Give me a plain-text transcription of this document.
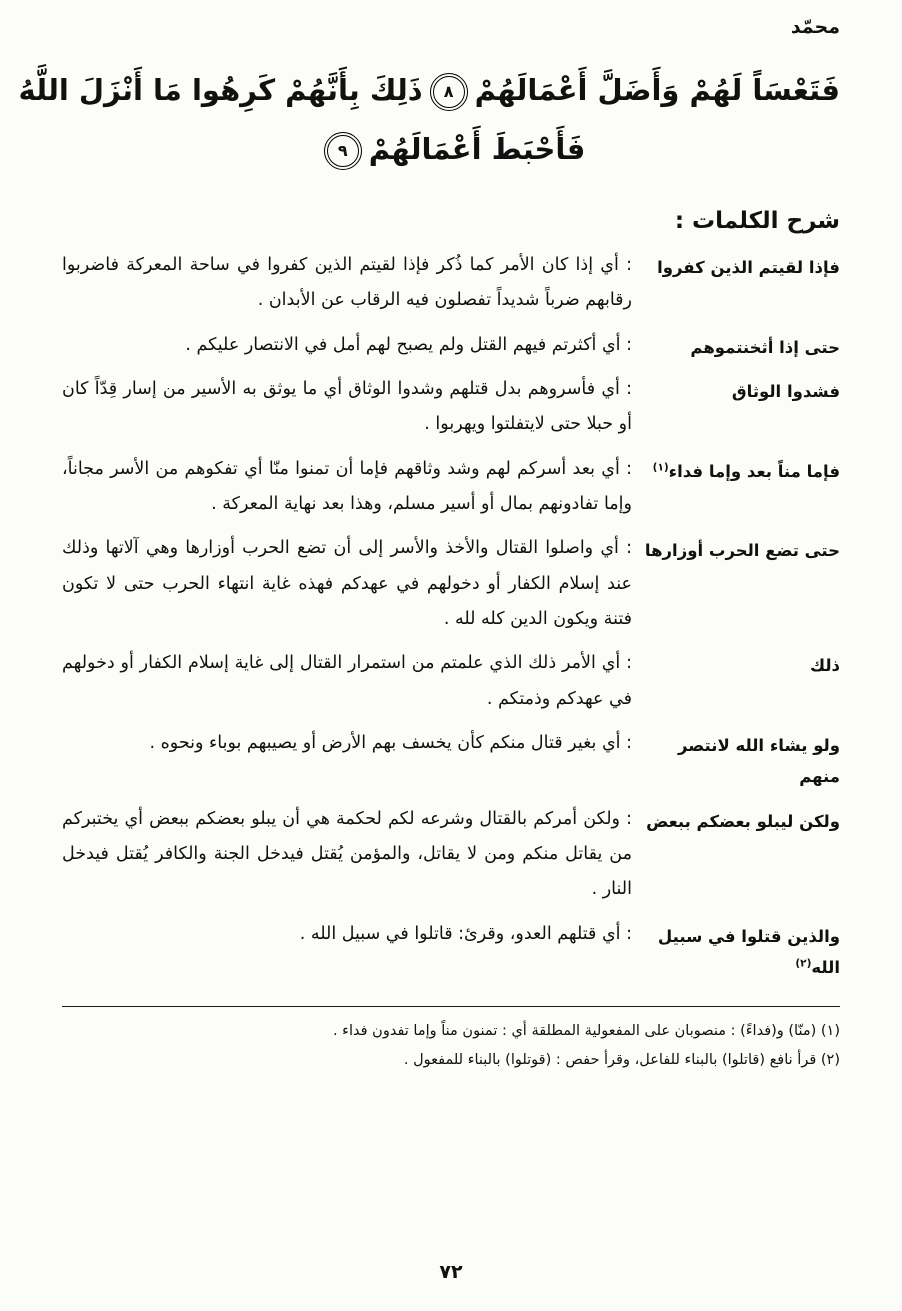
محمّد
فَتَعْسَاً لَهُمْ وَأَضَلَّ أَعْمَالَهُمْ
٨
ذَلِكَ بِأَنَّهُمْ كَرِهُوا مَا أَنْزَلَ اللَّهُ
فَأَحْبَطَ أَعْمَالَهُمْ
٩
شرح الكلمات :
فإذا لقيتم الذين كفروا
: أي إذا كان الأمر كما ذُكر فإذا لقيتم الذين كفروا في ساحة المعركة فاضربوا رقابهم ضرباً شديداً تفصلون فيه الرقاب عن الأبدان .
حتى إذا أثخنتموهم
: أي أكثرتم فيهم القتل ولم يصبح لهم أمل في الانتصار عليكم .
فشدوا الوثاق
: أي فأسروهم بدل قتلهم وشدوا الوثاق أي ما يوثق به الأسير من إسار قِدّاً كان أو حبلا حتى لايتفلتوا ويهربوا .
فإما مناً بعد وإما فداء$^{(١)}$
: أي بعد أسركم لهم وشد وثاقهم فإما أن تمنوا منّا أي تفكوهم من الأسر مجاناً، وإما تفادونهم بمال أو أسير مسلم، وهذا بعد نهاية المعركة .
حتى تضع الحرب أوزارها
: أي واصلوا القتال والأخذ والأسر إلى أن تضع الحرب أوزارها وهي آلاتها وذلك عند إسلام الكفار أو دخولهم في عهدكم فهذه غاية انتهاء الحرب حتى لا تكون فتنة ويكون الدين كله لله .
ذلك
: أي الأمر ذلك الذي علمتم من استمرار القتال إلى غاية إسلام الكفار أو دخولهم في عهدكم وذمتكم .
ولو يشاء الله لانتصر منهم
: أي بغير قتال منكم كأن يخسف بهم الأرض أو يصيبهم بوباء ونحوه .
ولكن ليبلو بعضكم ببعض
: ولكن أمركم بالقتال وشرعه لكم لحكمة هي أن يبلو بعضكم ببعض أي يختبركم من يقاتل منكم ومن لا يقاتل، والمؤمن يُقتل فيدخل الجنة والكافر يُقتل فيدخل النار .
والذين قتلوا في سبيل الله$^{(٢)}$
: أي قتلهم العدو، وقرئ: قاتلوا في سبيل الله .
(١) (منّا) و(فداءً) : منصوبان على المفعولية المطلقة أي : تمنون مناً وإما تفدون فداء .
(٢) قرأ نافع (قاتلوا) بالبناء للفاعل، وقرأ حفص : (قوتلوا) بالبناء للمفعول .
٧٢
